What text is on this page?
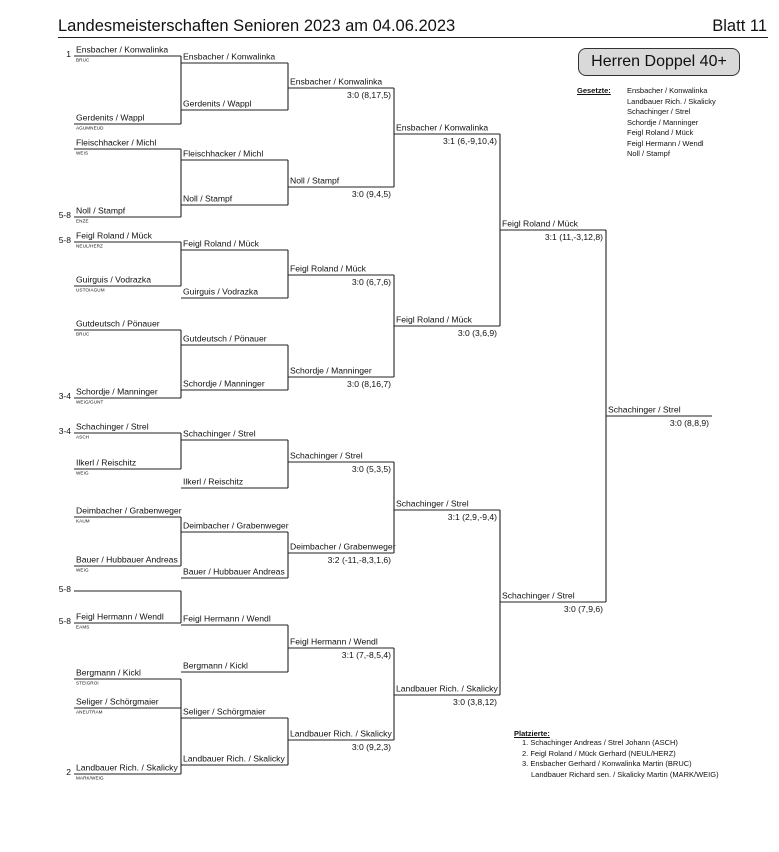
Landesmeisterschaften Senioren 2023 am 04.06.2023	Blatt 11
Herren Doppel 40+
Gesetzte: Ensbacher / Konwalinka
Landbauer Rich. / Skalicky
Schachinger / Strel
Schordje / Manninger
Feigl Roland / Mück
Feigl Hermann / Wendl
Noll / Stampf
Ensbacher / Konwalinka
BRUC
1
Gerdenits / Wappl
AGUMNEUD
Fleischhacker / Michl
WEIS
Noll / Stampf
ENZE
5-8
Feigl Roland / Mück
NEUL/HERZ
5-8
Guirguis / Vodrazka
USTOIAGUM
Gutdeutsch / Pönauer
BRUC
Schordje / Manninger
WEIG/GUNT
3-4
Schachinger / Strel
ASCH
3-4
Ilkerl / Reischitz
WEIG
Deimbacher / Grabenweger
KAUM
Bauer / Hubbauer Andreas
WEIG
5-8
Feigl Hermann / Wendl
EAMS
5-8
Bergmann / Kickl
STEIGROI
Seliger / Schörgmaier
ANEUTRAM
Landbauer Rich. / Skalicky
MARK/WEIG
2
Ensbacher / Konwalinka
Gerdenits / Wappl
Fleischhacker / Michl
Noll / Stampf
Feigl Roland / Mück
Guirguis / Vodrazka
Gutdeutsch / Pönauer
Schordje / Manninger
Schachinger / Strel
Ilkerl / Reischitz
Deimbacher / Grabenweger
Bauer / Hubbauer Andreas
Feigl Hermann / Wendl
Bergmann / Kickl
Seliger / Schörgmaier
Landbauer Rich. / Skalicky
Ensbacher / Konwalinka
3:0 (8,17,5)
Noll / Stampf
3:0 (9,4,5)
Feigl Roland / Mück
3:0 (6,7,6)
Schordje / Manninger
3:0 (8,16,7)
Schachinger / Strel
3:0 (5,3,5)
Deimbacher / Grabenweger
3:2 (-11,-8,3,1,6)
Feigl Hermann / Wendl
3:1 (7,-8,5,4)
Landbauer Rich. / Skalicky
3:0 (9,2,3)
Ensbacher / Konwalinka
3:1 (6,-9,10,4)
Feigl Roland / Mück
3:0 (3,6,9)
Schachinger / Strel
3:1 (2,9,-9,4)
Landbauer Rich. / Skalicky
3:0 (3,8,12)
Feigl Roland / Mück
3:1 (11,-3,12,8)
Schachinger / Strel
3:0 (7,9,6)
Schachinger / Strel
3:0 (8,8,9)
Platzierte:
1. Schachinger Andreas / Strel Johann (ASCH)
2. Feigl Roland / Mück Gerhard (NEUL/HERZ)
3. Ensbacher Gerhard / Konwalinka Martin (BRUC)
Landbauer Richard sen. / Skalicky Martin (MARK/WEIG)
